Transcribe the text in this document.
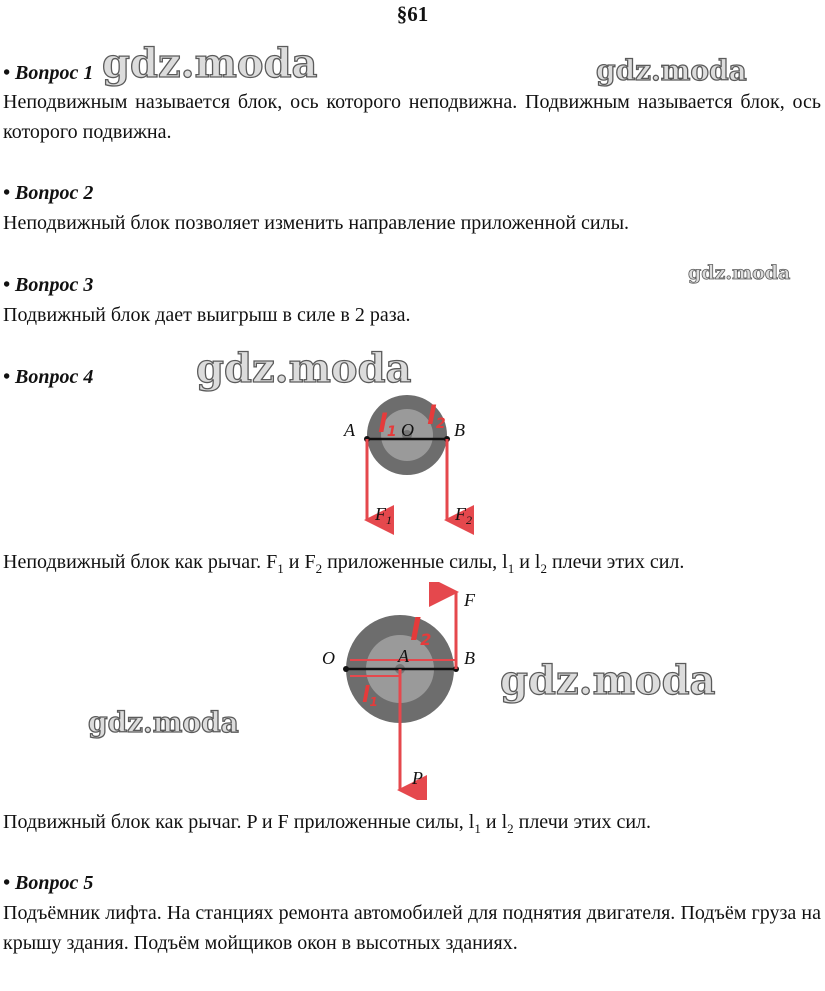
§61
• Вопрос 1
Неподвижным называется блок, ось которого неподвижна. Подвижным называется блок, ось которого подвижна.
• Вопрос 2
Неподвижный блок позволяет изменить направление приложенной силы.
• Вопрос 3
Подвижный блок дает выигрыш в силе в 2 раза.
• Вопрос 4
A	O B
$F_1$	$F_2$
l1
l2
Неподвижный блок как рычаг. $F_1$ и $F_2$ приложенные силы, $l_1$ и $l_2$ плечи этих сил.
O	A	B
F
P
l2
l1
Подвижный блок как рычаг. P и F приложенные силы, $l_1$ и $l_2$ плечи этих сил.
• Вопрос 5
Подъёмник лифта. На станциях ремонта автомобилей для поднятия двигателя. Подъём груза на крышу здания. Подъём мойщиков окон в высотных зданиях.
gdz.moda	gdz.moda
gdz.moda
gdz.moda
gdz.moda
gdz.moda
